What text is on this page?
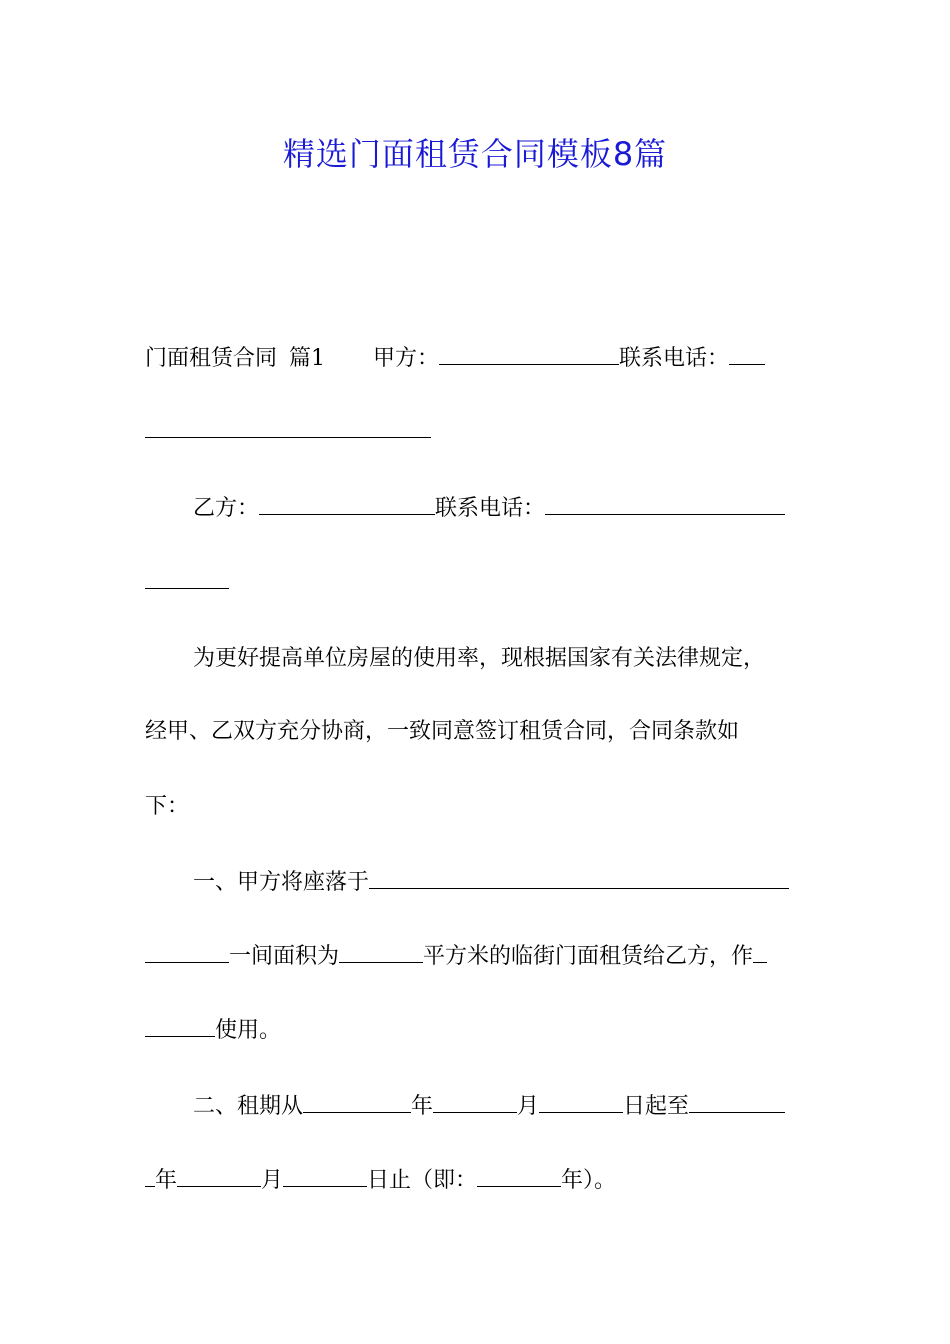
精选门面租赁合同模板8篇
门面租赁合同 篇1 甲方：	联系电话：
乙方：	联系电话：
为更好提高单位房屋的使用率，现根据国家有关法律规定，
经甲、乙双方充分协商，一致同意签订租赁合同，合同条款如
下：
一、甲方将座落于
一间面积为	平方米的临街门面租赁给乙方，作
使用。
二、租期从	年	月	日起至
年	月	日止（即：	年）。
